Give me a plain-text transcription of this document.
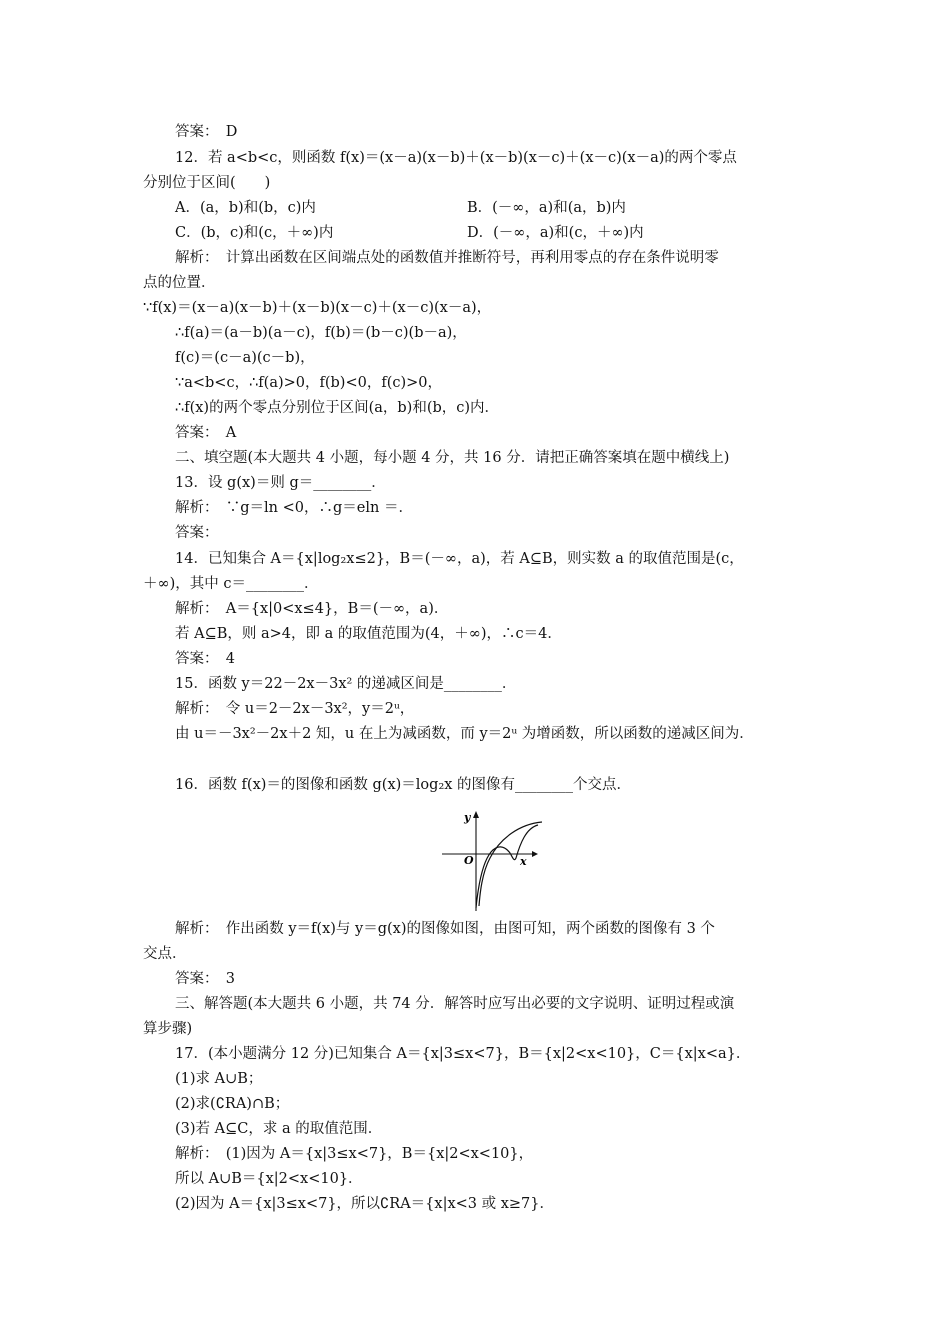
答案：　D
12．若 a<b<c，则函数 f(x)＝(x－a)(x－b)＋(x－b)(x－c)＋(x－c)(x－a)的两个零点
分别位于区间(　　)
A．(a，b)和(b，c)内	B．(－∞，a)和(a，b)内
C．(b，c)和(c，＋∞)内	D．(－∞，a)和(c，＋∞)内
解析：　计算出函数在区间端点处的函数值并推断符号，再利用零点的存在条件说明零
点的位置．
∵f(x)＝(x－a)(x－b)＋(x－b)(x－c)＋(x－c)(x－a)，
∴f(a)＝(a－b)(a－c)，f(b)＝(b－c)(b－a)，
f(c)＝(c－a)(c－b)，
∵a<b<c，∴f(a)>0，f(b)<0，f(c)>0，
∴f(x)的两个零点分别位于区间(a，b)和(b，c)内．
答案：　A
二、填空题(本大题共 4 小题，每小题 4 分，共 16 分．请把正确答案填在题中横线上)
13．设 g(x)＝则 g＝________．
解析：　∵g＝ln <0，∴g＝eln ＝．
答案：
14．已知集合 A＝{x|log₂x≤2}，B＝(－∞，a)，若 A⊆B，则实数 a 的取值范围是(c，
＋∞)，其中 c＝________．
解析：　A＝{x|0<x≤4}，B＝(－∞，a)．
若 A⊆B，则 a>4，即 a 的取值范围为(4，＋∞)，∴c＝4．
答案：　4
15．函数 y＝22－2x－3x² 的递减区间是________．
解析：　令 u＝2－2x－3x²，y＝2ᵘ，
由 u＝－3x²－2x＋2 知，u 在上为减函数，而 y＝2ᵘ 为增函数，所以函数的递减区间为．
16．函数 f(x)＝的图像和函数 g(x)＝log₂x 的图像有________个交点．
y
x
O
解析：　作出函数 y＝f(x)与 y＝g(x)的图像如图，由图可知，两个函数的图像有 3 个
交点．
答案：　3
三、解答题(本大题共 6 小题，共 74 分．解答时应写出必要的文字说明、证明过程或演
算步骤)
17．(本小题满分 12 分)已知集合 A＝{x|3≤x<7}，B＝{x|2<x<10}，C＝{x|x<a}．
(1)求 A∪B；
(2)求(∁RA)∩B；
(3)若 A⊆C，求 a 的取值范围．
解析：　(1)因为 A＝{x|3≤x<7}，B＝{x|2<x<10}，
所以 A∪B＝{x|2<x<10}．
(2)因为 A＝{x|3≤x<7}，所以∁RA＝{x|x<3 或 x≥7}．
